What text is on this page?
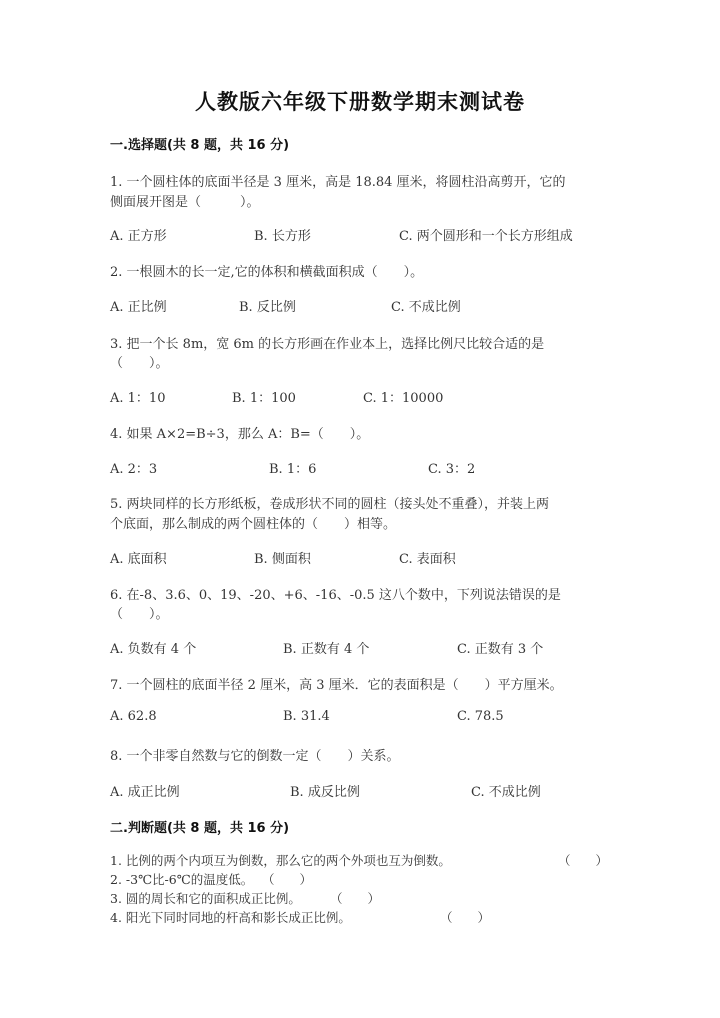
人教版六年级下册数学期末测试卷
一.选择题(共 8 题，共 16 分)
1. 一个圆柱体的底面半径是 3 厘米，高是 18.84 厘米，将圆柱沿高剪开，它的
侧面展开图是（　　　）。
A. 正方形	B. 长方形	C. 两个圆形和一个长方形组成
2. 一根圆木的长一定,它的体积和横截面积成（　　）。
A. 正比例	B. 反比例	C. 不成比例
3. 把一个长 8m，宽 6m 的长方形画在作业本上，选择比例尺比较合适的是
（　　）。
A. 1：10	B. 1：100	C. 1：10000
4. 如果 A×2=B÷3，那么 A：B=（　　）。
A. 2：3	B. 1：6	C. 3：2
5. 两块同样的长方形纸板，卷成形状不同的圆柱（接头处不重叠），并装上两
个底面，那么制成的两个圆柱体的（　　）相等。
A. 底面积	B. 侧面积	C. 表面积
6. 在-8、3.6、0、19、-20、+6、-16、-0.5 这八个数中，下列说法错误的是
（　　）。
A. 负数有 4 个	B. 正数有 4 个	C. 正数有 3 个
7. 一个圆柱的底面半径 2 厘米，高 3 厘米．它的表面积是（　　）平方厘米。
A. 62.8	B. 31.4	C. 78.5
8. 一个非零自然数与它的倒数一定（　　）关系。
A. 成正比例	B. 成反比例	C. 不成比例
二.判断题(共 8 题，共 16 分)
1. 比例的两个内项互为倒数，那么它的两个外项也互为倒数。	（　　）
2. -3℃比-6℃的温度低。 （　　）
3. 圆的周长和它的面积成正比例。 （　　）
4. 阳光下同时同地的杆高和影长成正比例。	（　　）
